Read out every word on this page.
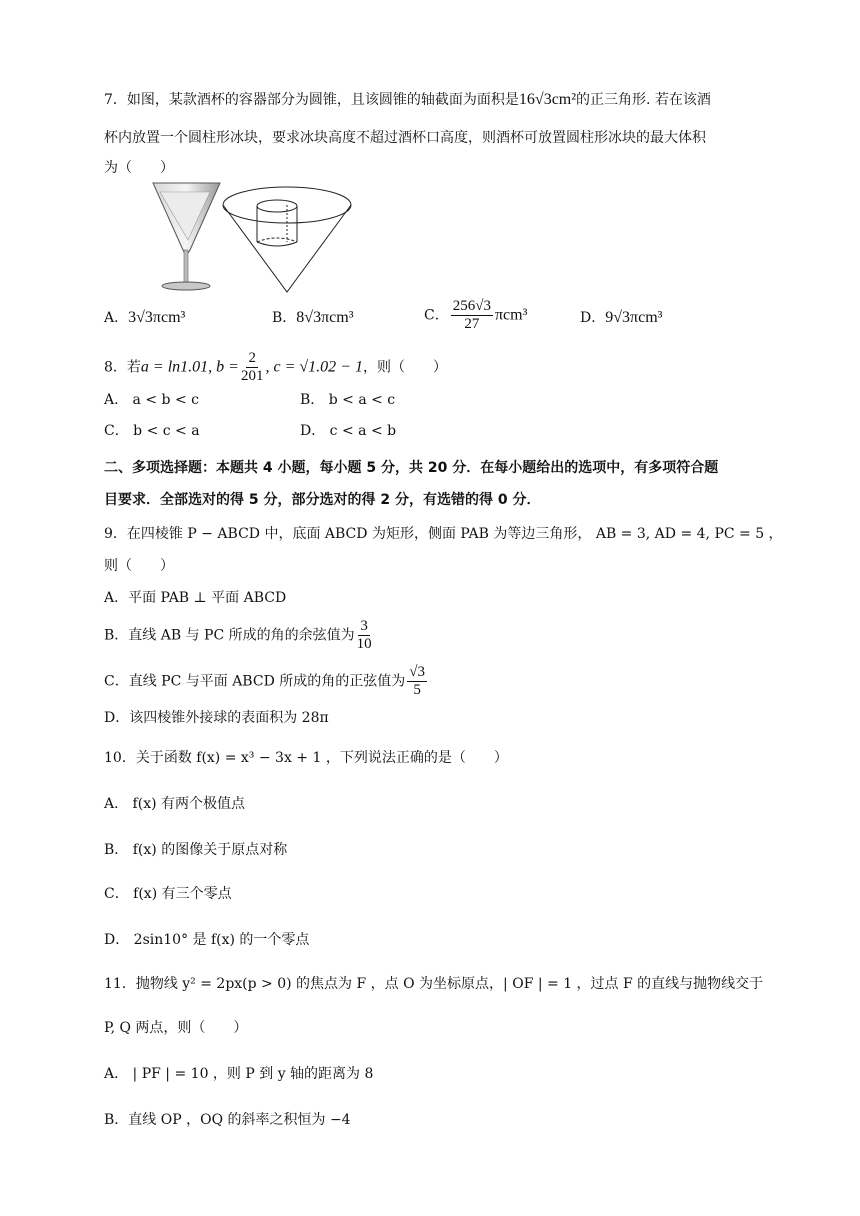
7．如图，某款酒杯的容器部分为圆锥，且该圆锥的轴截面为面积是16√3cm²的正三角形. 若在该酒
杯内放置一个圆柱形冰块，要求冰块高度不超过酒杯口高度，则酒杯可放置圆柱形冰块的最大体积
为（　　）
A．3√3πcm³	B．8√3πcm³	C． $\frac{256√3}{27} \pi cm^3$	D．9√3πcm³
8．若a = ln1.01, $b = \frac{2}{201}$ , c = √1.02 − 1，则（　　）
A． a < b < c	B． b < a < c
C． b < c < a	D． c < a < b
二、多项选择题：本题共 4 小题，每小题 5 分，共 20 分．在每小题给出的选项中，有多项符合题
目要求．全部选对的得 5 分，部分选对的得 2 分，有选错的得 0 分．
9．在四棱锥 P − ABCD 中，底面 ABCD 为矩形，侧面 PAB 为等边三角形， AB = 3, AD = 4, PC = 5 ，
则（　　）
A．平面 PAB ⊥ 平面 ABCD
B．直线 AB 与 PC 所成的角的余弦值为 $\frac{3}{10}$
C．直线 PC 与平面 ABCD 所成的角的正弦值为 $\frac{√3}{5}$
D．该四棱锥外接球的表面积为 28π
10．关于函数 f(x) = x³ − 3x + 1 ，下列说法正确的是（　　）
A． f(x) 有两个极值点
B． f(x) 的图像关于原点对称
C． f(x) 有三个零点
D． 2sin10° 是 f(x) 的一个零点
11．抛物线 y² = 2px(p > 0) 的焦点为 F ，点 O 为坐标原点，| OF | = 1 ，过点 F 的直线与抛物线交于
P, Q 两点，则（　　）
A． | PF | = 10 ，则 P 到 y 轴的距离为 8
B．直线 OP ，OQ 的斜率之积恒为 −4
